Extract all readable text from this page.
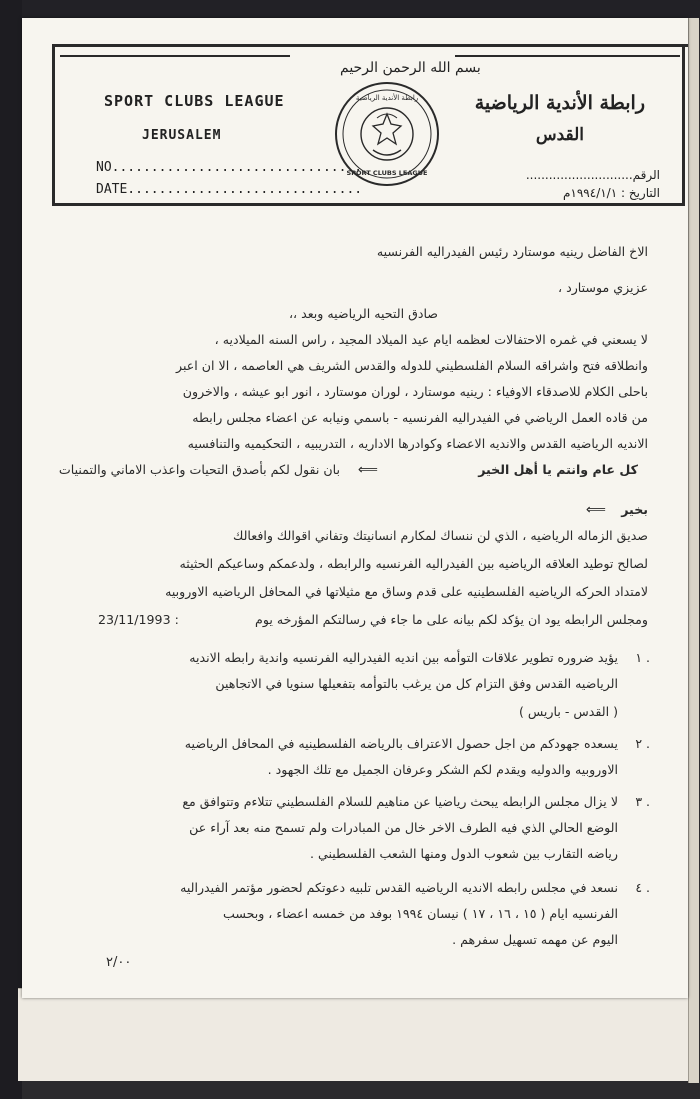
SPORT CLUBS LEAGUE
JERUSALEM
NO................................
DATE..............................
رابطة الأندية الرياضية
القدس
الرقم............................
التاريخ : ١٩٩٤/١/١م
بسم الله الرحمن الرحيم
رابطة الأندية الرياضية
SPORT CLUBS LEAGUE
الاخ الفاضل رينيه موستارد رئيس الفيدراليه الفرنسيه
عزيزي موستارد ،
صادق التحيه الرياضيه وبعد ،،
لا يسعني في غمره الاحتفالات لعظمه ايام عيد الميلاد المجيد ، راس السنه الميلاديه ،
وانطلاقه فتح واشراقه السلام الفلسطيني للدوله والقدس الشريف هي العاصمه ، الا ان اعبر
باحلى الكلام للاصدقاء الاوفياء : رينيه موستارد ، لوران موستارد ، انور ابو عيشه ، والاخرون
من قاده العمل الرياضي في الفيدراليه الفرنسيه - باسمي ونيابه عن اعضاء مجلس رابطه
الانديه الرياضيه القدس والانديه الاعضاء وكوادرها الاداريه ، التدريبيه ، التحكيميه والتنافسيه
بان نقول لكم بأصدق التحيات واعذب الاماني والتمنيات ⟸	كل عام وانتم يا أهل الخير
بخير
⟸
صديق الزماله الرياضيه ، الذي لن ننساك لمكارم انسانيتك وتفاني اقوالك وافعالك
لصالح توطيد العلاقه الرياضيه بين الفيدراليه الفرنسيه والرابطه ، ولدعمكم وساعيكم الحثيثه
لامتداد الحركه الرياضيه الفلسطينيه على قدم وساق مع مثيلاتها في المحافل الرياضيه الاوروبيه
ومجلس الرابطه يود ان يؤكد لكم بيانه على ما جاء في رسالتكم المؤرخه يوم
23/11/1993 :
١ .
يؤيد ضروره تطوير علاقات التوأمه بين انديه الفيدراليه الفرنسيه واندية رابطه الانديه
الرياضيه القدس وفق التزام كل من يرغب بالتوأمه بتفعيلها سنويا في الاتجاهين
( القدس - باريس )
٢ .
يسعده جهودكم من اجل حصول الاعتراف بالرياضه الفلسطينيه في المحافل الرياضيه
الاوروبيه والدوليه ويقدم لكم الشكر وعرفان الجميل مع تلك الجهود .
٣ .
لا يزال مجلس الرابطه يبحث رياضيا عن مناهيم للسلام الفلسطيني تتلاءم وتتوافق مع
الوضع الحالي الذي فيه الطرف الاخر خال من المبادرات ولم تسمح منه بعد آراء عن
رياضه التقارب بين شعوب الدول ومنها الشعب الفلسطيني .
٤ .
نسعد في مجلس رابطه الانديه الرياضيه القدس تلبيه دعوتكم لحضور مؤتمر الفيدراليه
الفرنسيه ايام ( ١٥ ، ١٦ ، ١٧ ) نيسان ١٩٩٤ بوفد من خمسه اعضاء ، وبحسب
اليوم عن مهمه تسهيل سفرهم .
٢/٠٠
